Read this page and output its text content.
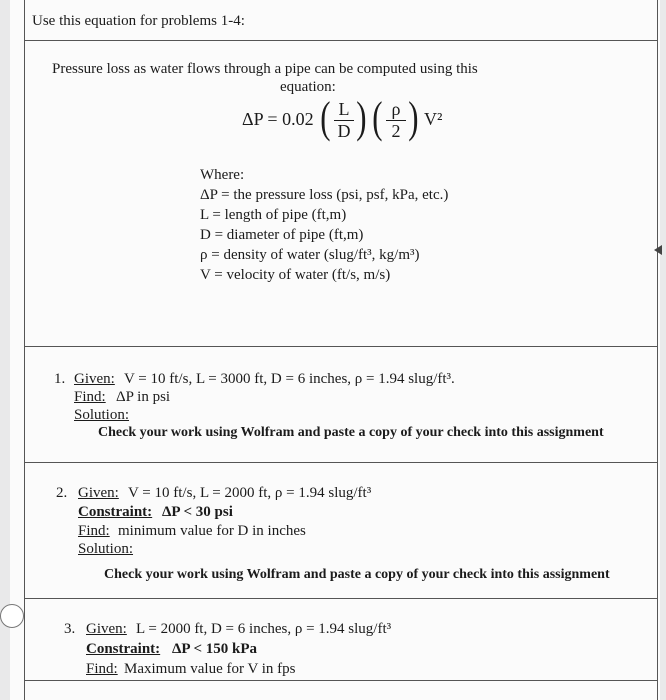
Use this equation for problems 1-4:
Pressure loss as water flows through a pipe can be computed using this
equation:
ΔP = 0.02 ( L
D ) ( ρ
2 ) V²
Where:
ΔP = the pressure loss (psi, psf, kPa, etc.)
L = length of pipe (ft,m)
D = diameter of pipe (ft,m)
ρ = density of water (slug/ft³, kg/m³)
V = velocity of water (ft/s, m/s)
1. Given: V = 10 ft/s, L = 3000 ft, D = 6 inches, ρ = 1.94 slug/ft³.
Find: ΔP in psi
Solution:
Check your work using Wolfram and paste a copy of your check into this assignment
2. Given: V = 10 ft/s, L = 2000 ft, ρ = 1.94 slug/ft³
Constraint: ΔP < 30 psi
Find: minimum value for D in inches
Solution:
Check your work using Wolfram and paste a copy of your check into this assignment
3. Given: L = 2000 ft, D = 6 inches, ρ = 1.94 slug/ft³
Constraint: ΔP < 150 kPa
Find: Maximum value for V in fps
